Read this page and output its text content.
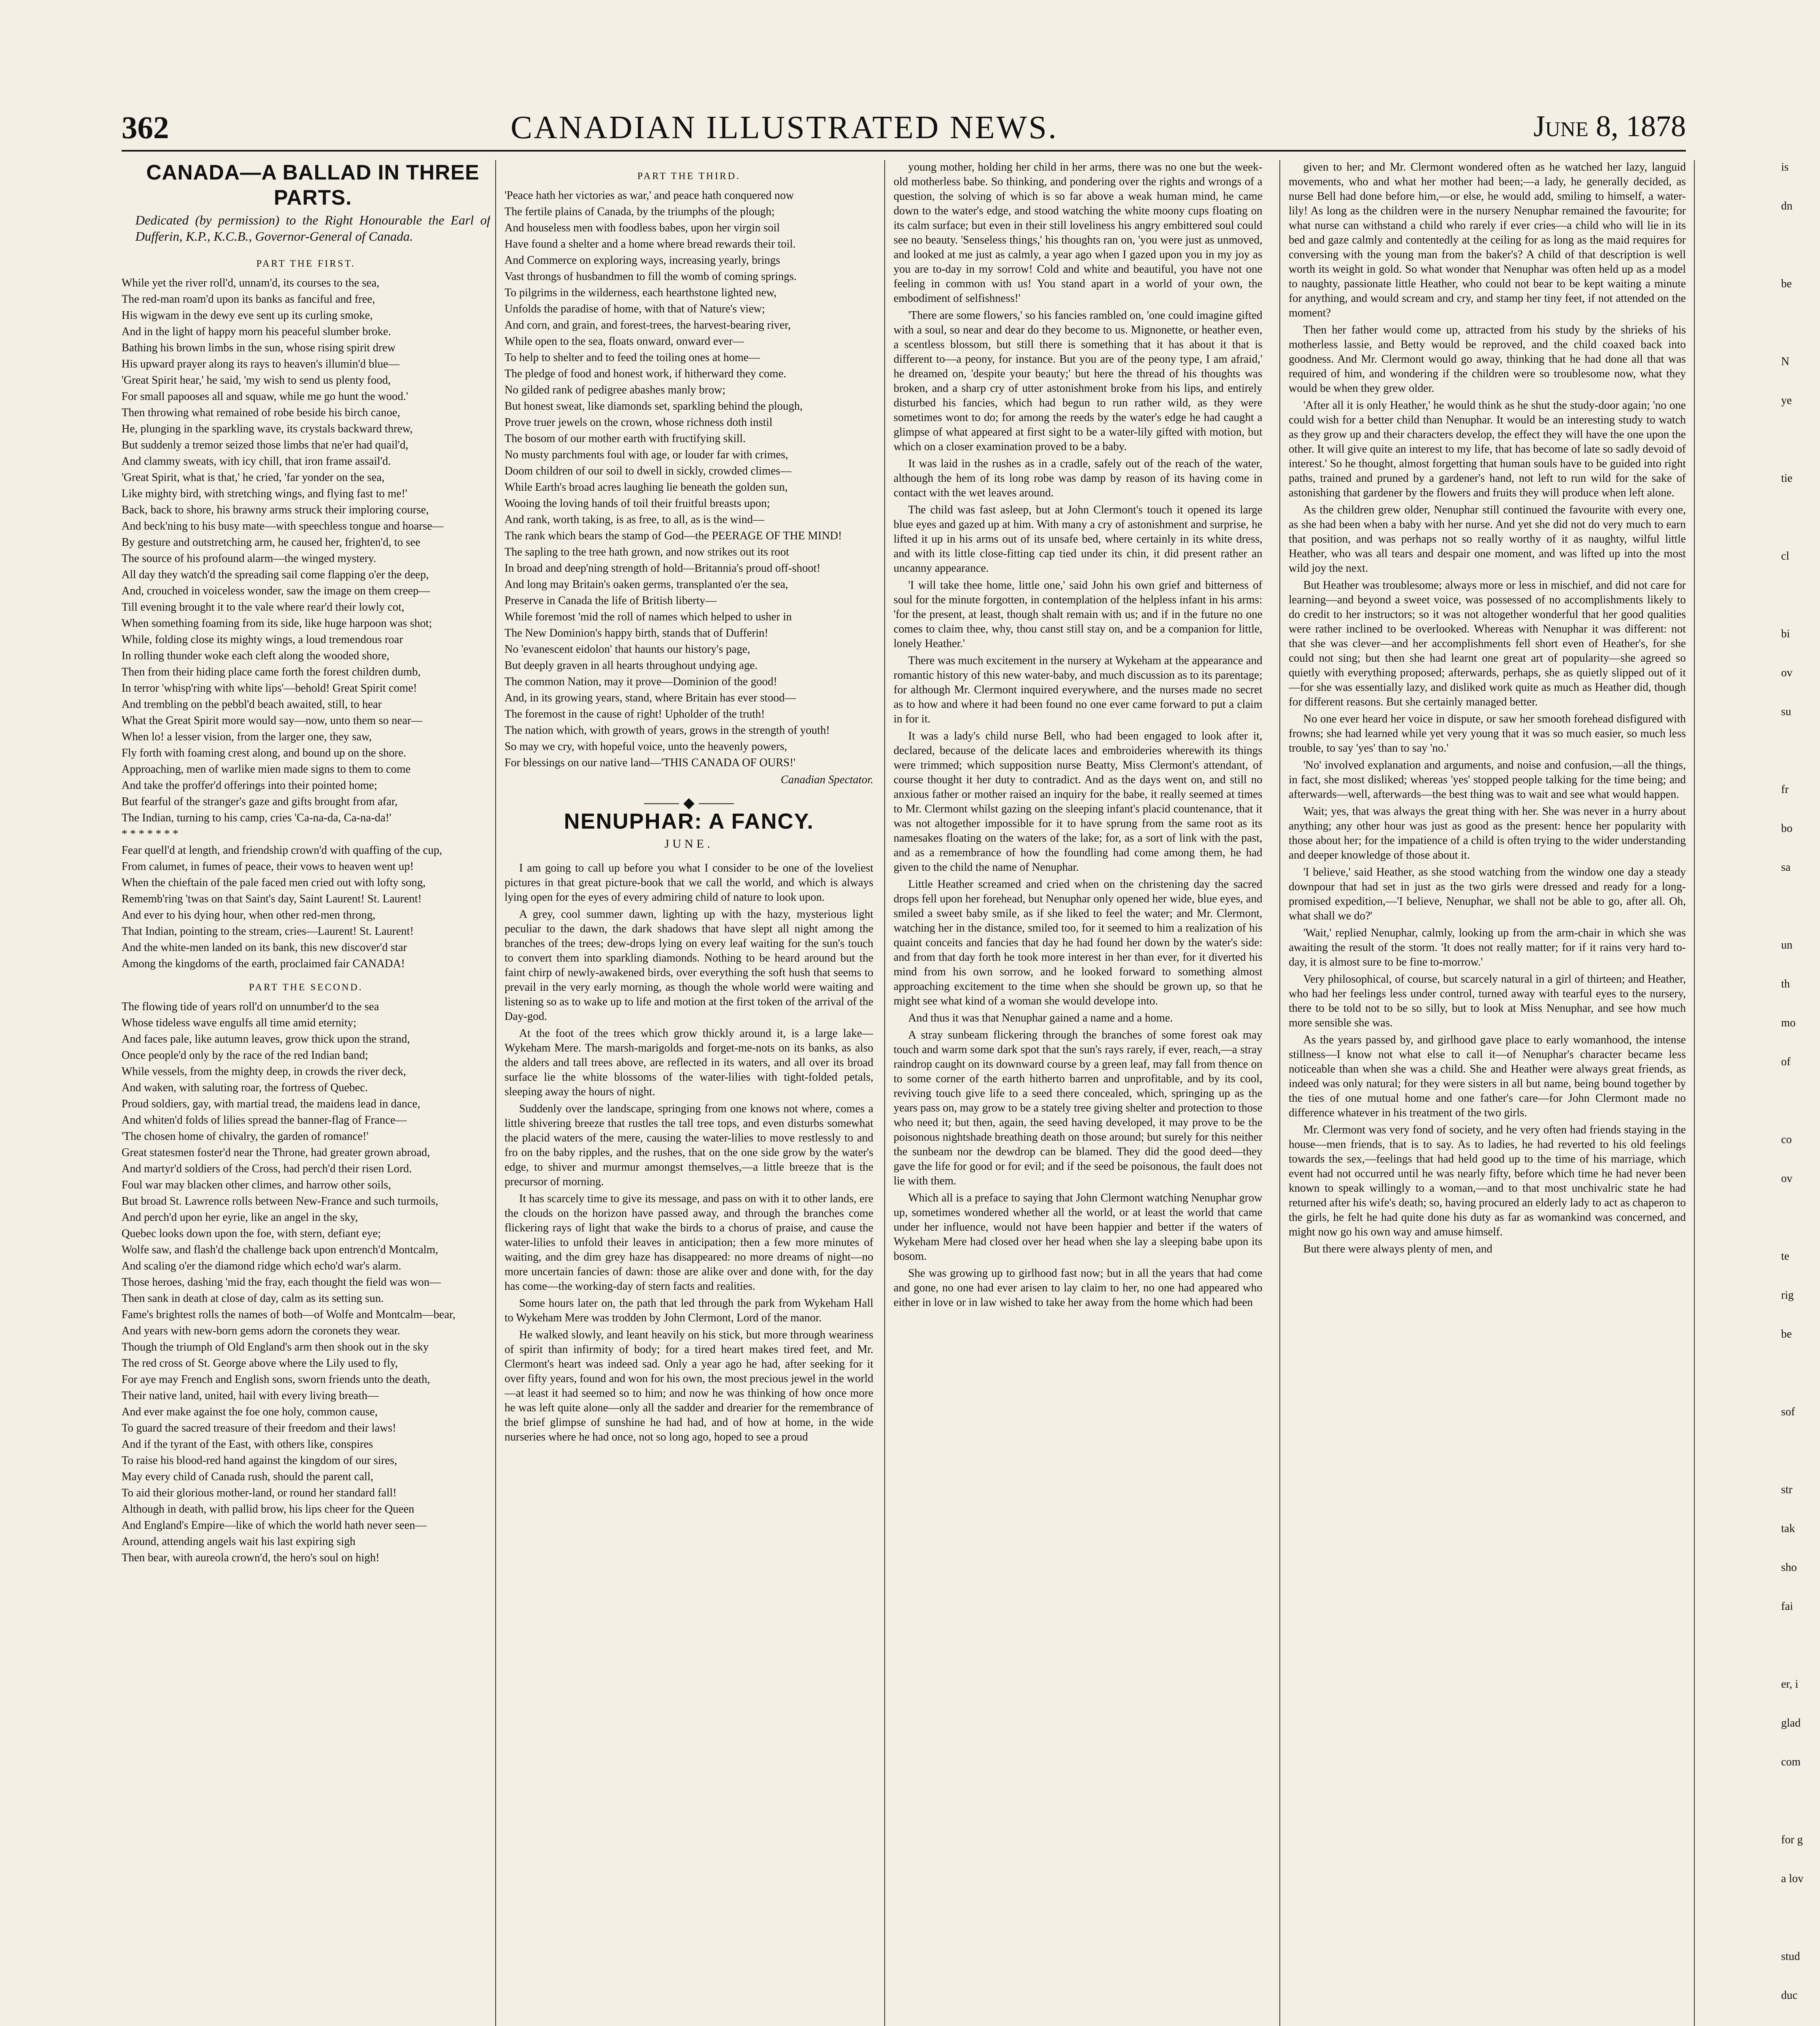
362	CANADIAN ILLUSTRATED NEWS.	June 8, 1878

CANADA—A BALLAD IN THREE PARTS.

Dedicated (by permission) to the Right Honourable the Earl of Dufferin, K.P., K.C.B., Governor-General of Canada.

PART THE FIRST.

While yet the river roll'd, unnam'd, its courses to the sea,

The red-man roam'd upon its banks as fanciful and free,

His wigwam in the dewy eve sent up its curling smoke,

And in the light of happy morn his peaceful slumber broke.

Bathing his brown limbs in the sun, whose rising spirit drew

His upward prayer along its rays to heaven's illumin'd blue—

'Great Spirit hear,' he said, 'my wish to send us plenty food,

For small papooses all and squaw, while me go hunt the wood.'

Then throwing what remained of robe beside his birch canoe,

He, plunging in the sparkling wave, its crystals backward threw,

But suddenly a tremor seized those limbs that ne'er had quail'd,

And clammy sweats, with icy chill, that iron frame assail'd.

'Great Spirit, what is that,' he cried, 'far yonder on the sea,

Like mighty bird, with stretching wings, and flying fast to me!'

Back, back to shore, his brawny arms struck their imploring course,

And beck'ning to his busy mate—with speechless tongue and hoarse—

By gesture and outstretching arm, he caused her, frighten'd, to see

The source of his profound alarm—the winged mystery.

All day they watch'd the spreading sail come flapping o'er the deep,

And, crouched in voiceless wonder, saw the image on them creep—

Till evening brought it to the vale where rear'd their lowly cot,

When something foaming from its side, like huge harpoon was shot;

While, folding close its mighty wings, a loud tremendous roar

In rolling thunder woke each cleft along the wooded shore,

Then from their hiding place came forth the forest children dumb,

In terror 'whisp'ring with white lips'—behold! Great Spirit come!

And trembling on the pebbl'd beach awaited, still, to hear

What the Great Spirit more would say—now, unto them so near—

When lo! a lesser vision, from the larger one, they saw,

Fly forth with foaming crest along, and bound up on the shore.

Approaching, men of warlike mien made signs to them to come

And take the proffer'd offerings into their pointed home;

But fearful of the stranger's gaze and gifts brought from afar,

The Indian, turning to his camp, cries 'Ca-na-da, Ca-na-da!'

* * * * * * *

Fear quell'd at length, and friendship crown'd with quaffing of the cup,

From calumet, in fumes of peace, their vows to heaven went up!

When the chieftain of the pale faced men cried out with lofty song,

Rememb'ring 'twas on that Saint's day, Saint Laurent! St. Laurent!

And ever to his dying hour, when other red-men throng,

That Indian, pointing to the stream, cries—Laurent! St. Laurent!

And the white-men landed on its bank, this new discover'd star

Among the kingdoms of the earth, proclaimed fair CANADA!

PART THE SECOND.

The flowing tide of years roll'd on unnumber'd to the sea

Whose tideless wave engulfs all time amid eternity;

And faces pale, like autumn leaves, grow thick upon the strand,

Once people'd only by the race of the red Indian band;

While vessels, from the mighty deep, in crowds the river deck,

And waken, with saluting roar, the fortress of Quebec.

Proud soldiers, gay, with martial tread, the maidens lead in dance,

And whiten'd folds of lilies spread the banner-flag of France—

'The chosen home of chivalry, the garden of romance!'

Great statesmen foster'd near the Throne, had greater grown abroad,

And martyr'd soldiers of the Cross, had perch'd their risen Lord.

Foul war may blacken other climes, and harrow other soils,

But broad St. Lawrence rolls between New-France and such turmoils,

And perch'd upon her eyrie, like an angel in the sky,

Quebec looks down upon the foe, with stern, defiant eye;

Wolfe saw, and flash'd the challenge back upon entrench'd Montcalm,

And scaling o'er the diamond ridge which echo'd war's alarm.

Those heroes, dashing 'mid the fray, each thought the field was won—

Then sank in death at close of day, calm as its setting sun.

Fame's brightest rolls the names of both—of Wolfe and Montcalm—bear,

And years with new-born gems adorn the coronets they wear.

Though the triumph of Old England's arm then shook out in the sky

The red cross of St. George above where the Lily used to fly,

For aye may French and English sons, sworn friends unto the death,

Their native land, united, hail with every living breath—

And ever make against the foe one holy, common cause,

To guard the sacred treasure of their freedom and their laws!

And if the tyrant of the East, with others like, conspires

To raise his blood-red hand against the kingdom of our sires,

May every child of Canada rush, should the parent call,

To aid their glorious mother-land, or round her standard fall!

Although in death, with pallid brow, his lips cheer for the Queen

And England's Empire—like of which the world hath never seen—

Around, attending angels wait his last expiring sigh

Then bear, with aureola crown'd, the hero's soul on high!

PART THE THIRD.

'Peace hath her victories as war,' and peace hath conquered now

The fertile plains of Canada, by the triumphs of the plough;

And houseless men with foodless babes, upon her virgin soil

Have found a shelter and a home where bread rewards their toil.

And Commerce on exploring ways, increasing yearly, brings

Vast throngs of husbandmen to fill the womb of coming springs.

To pilgrims in the wilderness, each hearthstone lighted new,

Unfolds the paradise of home, with that of Nature's view;

And corn, and grain, and forest-trees, the harvest-bearing river,

While open to the sea, floats onward, onward ever—

To help to shelter and to feed the toiling ones at home—

The pledge of food and honest work, if hitherward they come.

No gilded rank of pedigree abashes manly brow;

But honest sweat, like diamonds set, sparkling behind the plough,

Prove truer jewels on the crown, whose richness doth instil

The bosom of our mother earth with fructifying skill.

No musty parchments foul with age, or louder far with crimes,

Doom children of our soil to dwell in sickly, crowded climes—

While Earth's broad acres laughing lie beneath the golden sun,

Wooing the loving hands of toil their fruitful breasts upon;

And rank, worth taking, is as free, to all, as is the wind—

The rank which bears the stamp of God—the PEERAGE OF THE MIND!

The sapling to the tree hath grown, and now strikes out its root

In broad and deep'ning strength of hold—Britannia's proud off-shoot!

And long may Britain's oaken germs, transplanted o'er the sea,

Preserve in Canada the life of British liberty—

While foremost 'mid the roll of names which helped to usher in

The New Dominion's happy birth, stands that of Dufferin!

No 'evanescent eidolon' that haunts our history's page,

But deeply graven in all hearts throughout undying age.

The common Nation, may it prove—Dominion of the good!

And, in its growing years, stand, where Britain has ever stood—

The foremost in the cause of right! Upholder of the truth!

The nation which, with growth of years, grows in the strength of youth!

So may we cry, with hopeful voice, unto the heavenly powers,

For blessings on our native land—'THIS CANADA OF OURS!'

Canadian Spectator.

⸻ ◆ ⸻

NENUPHAR: A FANCY.

JUNE.

I am going to call up before you what I consider to be one of the loveliest pictures in that great picture-book that we call the world, and which is always lying open for the eyes of every admiring child of nature to look upon.

A grey, cool summer dawn, lighting up with the hazy, mysterious light peculiar to the dawn, the dark shadows that have slept all night among the branches of the trees; dew-drops lying on every leaf waiting for the sun's touch to convert them into sparkling diamonds. Nothing to be heard around but the faint chirp of newly-awakened birds, over everything the soft hush that seems to prevail in the very early morning, as though the whole world were waiting and listening so as to wake up to life and motion at the first token of the arrival of the Day-god.

At the foot of the trees which grow thickly around it, is a large lake—Wykeham Mere. The marsh-marigolds and forget-me-nots on its banks, as also the alders and tall trees above, are reflected in its waters, and all over its broad surface lie the white blossoms of the water-lilies with tight-folded petals, sleeping away the hours of night.

Suddenly over the landscape, springing from one knows not where, comes a little shivering breeze that rustles the tall tree tops, and even disturbs somewhat the placid waters of the mere, causing the water-lilies to move restlessly to and fro on the baby ripples, and the rushes, that on the one side grow by the water's edge, to shiver and murmur amongst themselves,—a little breeze that is the precursor of morning.

It has scarcely time to give its message, and pass on with it to other lands, ere the clouds on the horizon have passed away, and through the branches come flickering rays of light that wake the birds to a chorus of praise, and cause the water-lilies to unfold their leaves in anticipation; then a few more minutes of waiting, and the dim grey haze has disappeared: no more dreams of night—no more uncertain fancies of dawn: those are alike over and done with, for the day has come—the working-day of stern facts and realities.

Some hours later on, the path that led through the park from Wykeham Hall to Wykeham Mere was trodden by John Clermont, Lord of the manor.

He walked slowly, and leant heavily on his stick, but more through weariness of spirit than infirmity of body; for a tired heart makes tired feet, and Mr. Clermont's heart was indeed sad. Only a year ago he had, after seeking for it over fifty years, found and won for his own, the most precious jewel in the world—at least it had seemed so to him; and now he was thinking of how once more he was left quite alone—only all the sadder and drearier for the remembrance of the brief glimpse of sunshine he had had, and of how at home, in the wide nurseries where he had once, not so long ago, hoped to see a proud

young mother, holding her child in her arms, there was no one but the week-old motherless babe. So thinking, and pondering over the rights and wrongs of a question, the solving of which is so far above a weak human mind, he came down to the water's edge, and stood watching the white moony cups floating on its calm surface; but even in their still loveliness his angry embittered soul could see no beauty. 'Senseless things,' his thoughts ran on, 'you were just as unmoved, and looked at me just as calmly, a year ago when I gazed upon you in my joy as you are to-day in my sorrow! Cold and white and beautiful, you have not one feeling in common with us! You stand apart in a world of your own, the embodiment of selfishness!'

'There are some flowers,' so his fancies rambled on, 'one could imagine gifted with a soul, so near and dear do they become to us. Mignonette, or heather even, a scentless blossom, but still there is something that it has about it that is different to—a peony, for instance. But you are of the peony type, I am afraid,' he dreamed on, 'despite your beauty;' but here the thread of his thoughts was broken, and a sharp cry of utter astonishment broke from his lips, and entirely disturbed his fancies, which had begun to run rather wild, as they were sometimes wont to do; for among the reeds by the water's edge he had caught a glimpse of what appeared at first sight to be a water-lily gifted with motion, but which on a closer examination proved to be a baby.

It was laid in the rushes as in a cradle, safely out of the reach of the water, although the hem of its long robe was damp by reason of its having come in contact with the wet leaves around.

The child was fast asleep, but at John Clermont's touch it opened its large blue eyes and gazed up at him. With many a cry of astonishment and surprise, he lifted it up in his arms out of its unsafe bed, where certainly in its white dress, and with its little close-fitting cap tied under its chin, it did present rather an uncanny appearance.

'I will take thee home, little one,' said John his own grief and bitterness of soul for the minute forgotten, in contemplation of the helpless infant in his arms: 'for the present, at least, though shalt remain with us; and if in the future no one comes to claim thee, why, thou canst still stay on, and be a companion for little, lonely Heather.'

There was much excitement in the nursery at Wykeham at the appearance and romantic history of this new water-baby, and much discussion as to its parentage; for although Mr. Clermont inquired everywhere, and the nurses made no secret as to how and where it had been found no one ever came forward to put a claim in for it.

It was a lady's child nurse Bell, who had been engaged to look after it, declared, because of the delicate laces and embroideries wherewith its things were trimmed; which supposition nurse Beatty, Miss Clermont's attendant, of course thought it her duty to contradict. And as the days went on, and still no anxious father or mother raised an inquiry for the babe, it really seemed at times to Mr. Clermont whilst gazing on the sleeping infant's placid countenance, that it was not altogether impossible for it to have sprung from the same root as its namesakes floating on the waters of the lake; for, as a sort of link with the past, and as a remembrance of how the foundling had come among them, he had given to the child the name of Nenuphar.

Little Heather screamed and cried when on the christening day the sacred drops fell upon her forehead, but Nenuphar only opened her wide, blue eyes, and smiled a sweet baby smile, as if she liked to feel the water; and Mr. Clermont, watching her in the distance, smiled too, for it seemed to him a realization of his quaint conceits and fancies that day he had found her down by the water's side: and from that day forth he took more interest in her than ever, for it diverted his mind from his own sorrow, and he looked forward to something almost approaching excitement to the time when she should be grown up, so that he might see what kind of a woman she would develope into.

And thus it was that Nenuphar gained a name and a home.

A stray sunbeam flickering through the branches of some forest oak may touch and warm some dark spot that the sun's rays rarely, if ever, reach,—a stray raindrop caught on its downward course by a green leaf, may fall from thence on to some corner of the earth hitherto barren and unprofitable, and by its cool, reviving touch give life to a seed there concealed, which, springing up as the years pass on, may grow to be a stately tree giving shelter and protection to those who need it; but then, again, the seed having developed, it may prove to be the poisonous nightshade breathing death on those around; but surely for this neither the sunbeam nor the dewdrop can be blamed. They did the good deed—they gave the life for good or for evil; and if the seed be poisonous, the fault does not lie with them.

Which all is a preface to saying that John Clermont watching Nenuphar grow up, sometimes wondered whether all the world, or at least the world that came under her influence, would not have been happier and better if the waters of Wykeham Mere had closed over her head when she lay a sleeping babe upon its bosom.

She was growing up to girlhood fast now; but in all the years that had come and gone, no one had ever arisen to lay claim to her, no one had appeared who either in love or in law wished to take her away from the home which had been

given to her; and Mr. Clermont wondered often as he watched her lazy, languid movements, who and what her mother had been;—a lady, he generally decided, as nurse Bell had done before him,—or else, he would add, smiling to himself, a water-lily! As long as the children were in the nursery Nenuphar remained the favourite; for what nurse can withstand a child who rarely if ever cries—a child who will lie in its bed and gaze calmly and contentedly at the ceiling for as long as the maid requires for conversing with the young man from the baker's? A child of that description is well worth its weight in gold. So what wonder that Nenuphar was often held up as a model to naughty, passionate little Heather, who could not bear to be kept waiting a minute for anything, and would scream and cry, and stamp her tiny feet, if not attended on the moment?

Then her father would come up, attracted from his study by the shrieks of his motherless lassie, and Betty would be reproved, and the child coaxed back into goodness. And Mr. Clermont would go away, thinking that he had done all that was required of him, and wondering if the children were so troublesome now, what they would be when they grew older.

'After all it is only Heather,' he would think as he shut the study-door again; 'no one could wish for a better child than Nenuphar. It would be an interesting study to watch as they grow up and their characters develop, the effect they will have the one upon the other. It will give quite an interest to my life, that has become of late so sadly devoid of interest.' So he thought, almost forgetting that human souls have to be guided into right paths, trained and pruned by a gardener's hand, not left to run wild for the sake of astonishing that gardener by the flowers and fruits they will produce when left alone.

As the children grew older, Nenuphar still continued the favourite with every one, as she had been when a baby with her nurse. And yet she did not do very much to earn that position, and was perhaps not so really worthy of it as naughty, wilful little Heather, who was all tears and despair one moment, and was lifted up into the most wild joy the next.

But Heather was troublesome; always more or less in mischief, and did not care for learning—and beyond a sweet voice, was possessed of no accomplishments likely to do credit to her instructors; so it was not altogether wonderful that her good qualities were rather inclined to be overlooked. Whereas with Nenuphar it was different: not that she was clever—and her accomplishments fell short even of Heather's, for she could not sing; but then she had learnt one great art of popularity—she agreed so quietly with everything proposed; afterwards, perhaps, she as quietly slipped out of it—for she was essentially lazy, and disliked work quite as much as Heather did, though for different reasons. But she certainly managed better.

No one ever heard her voice in dispute, or saw her smooth forehead disfigured with frowns; she had learned while yet very young that it was so much easier, so much less trouble, to say 'yes' than to say 'no.'

'No' involved explanation and arguments, and noise and confusion,—all the things, in fact, she most disliked; whereas 'yes' stopped people talking for the time being; and afterwards—well, afterwards—the best thing was to wait and see what would happen.

Wait; yes, that was always the great thing with her. She was never in a hurry about anything; any other hour was just as good as the present: hence her popularity with those about her; for the impatience of a child is often trying to the wider understanding and deeper knowledge of those about it.

'I believe,' said Heather, as she stood watching from the window one day a steady downpour that had set in just as the two girls were dressed and ready for a long-promised expedition,—'I believe, Nenuphar, we shall not be able to go, after all. Oh, what shall we do?'

'Wait,' replied Nenuphar, calmly, looking up from the arm-chair in which she was awaiting the result of the storm. 'It does not really matter; for if it rains very hard to-day, it is almost sure to be fine to-morrow.'

Very philosophical, of course, but scarcely natural in a girl of thirteen; and Heather, who had her feelings less under control, turned away with tearful eyes to the nursery, there to be told not to be so silly, but to look at Miss Nenuphar, and see how much more sensible she was.

As the years passed by, and girlhood gave place to early womanhood, the intense stillness—I know not what else to call it—of Nenuphar's character became less noticeable than when she was a child. She and Heather were always great friends, as indeed was only natural; for they were sisters in all but name, being bound together by the ties of one mutual home and one father's care—for John Clermont made no difference whatever in his treatment of the two girls.

Mr. Clermont was very fond of society, and he very often had friends staying in the house—men friends, that is to say. As to ladies, he had reverted to his old feelings towards the sex,—feelings that had held good up to the time of his marriage, which event had not occurred until he was nearly fifty, before which time he had never been known to speak willingly to a woman,—and to that most unchivalric state he had returned after his wife's death; so, having procured an elderly lady to act as chaperon to the girls, he felt he had quite done his duty as far as womankind was concerned, and might now go his own way and amuse himself.

But there were always plenty of men, and

is
dn
be
N
ye
tie
cl
bi
ov
su
fr
bo
sa
un
th
mo
of
co
ov
te
rig
be
sof
str
tak
sho
fai
er, i
glad
com
for g
a lov
stud
duc
